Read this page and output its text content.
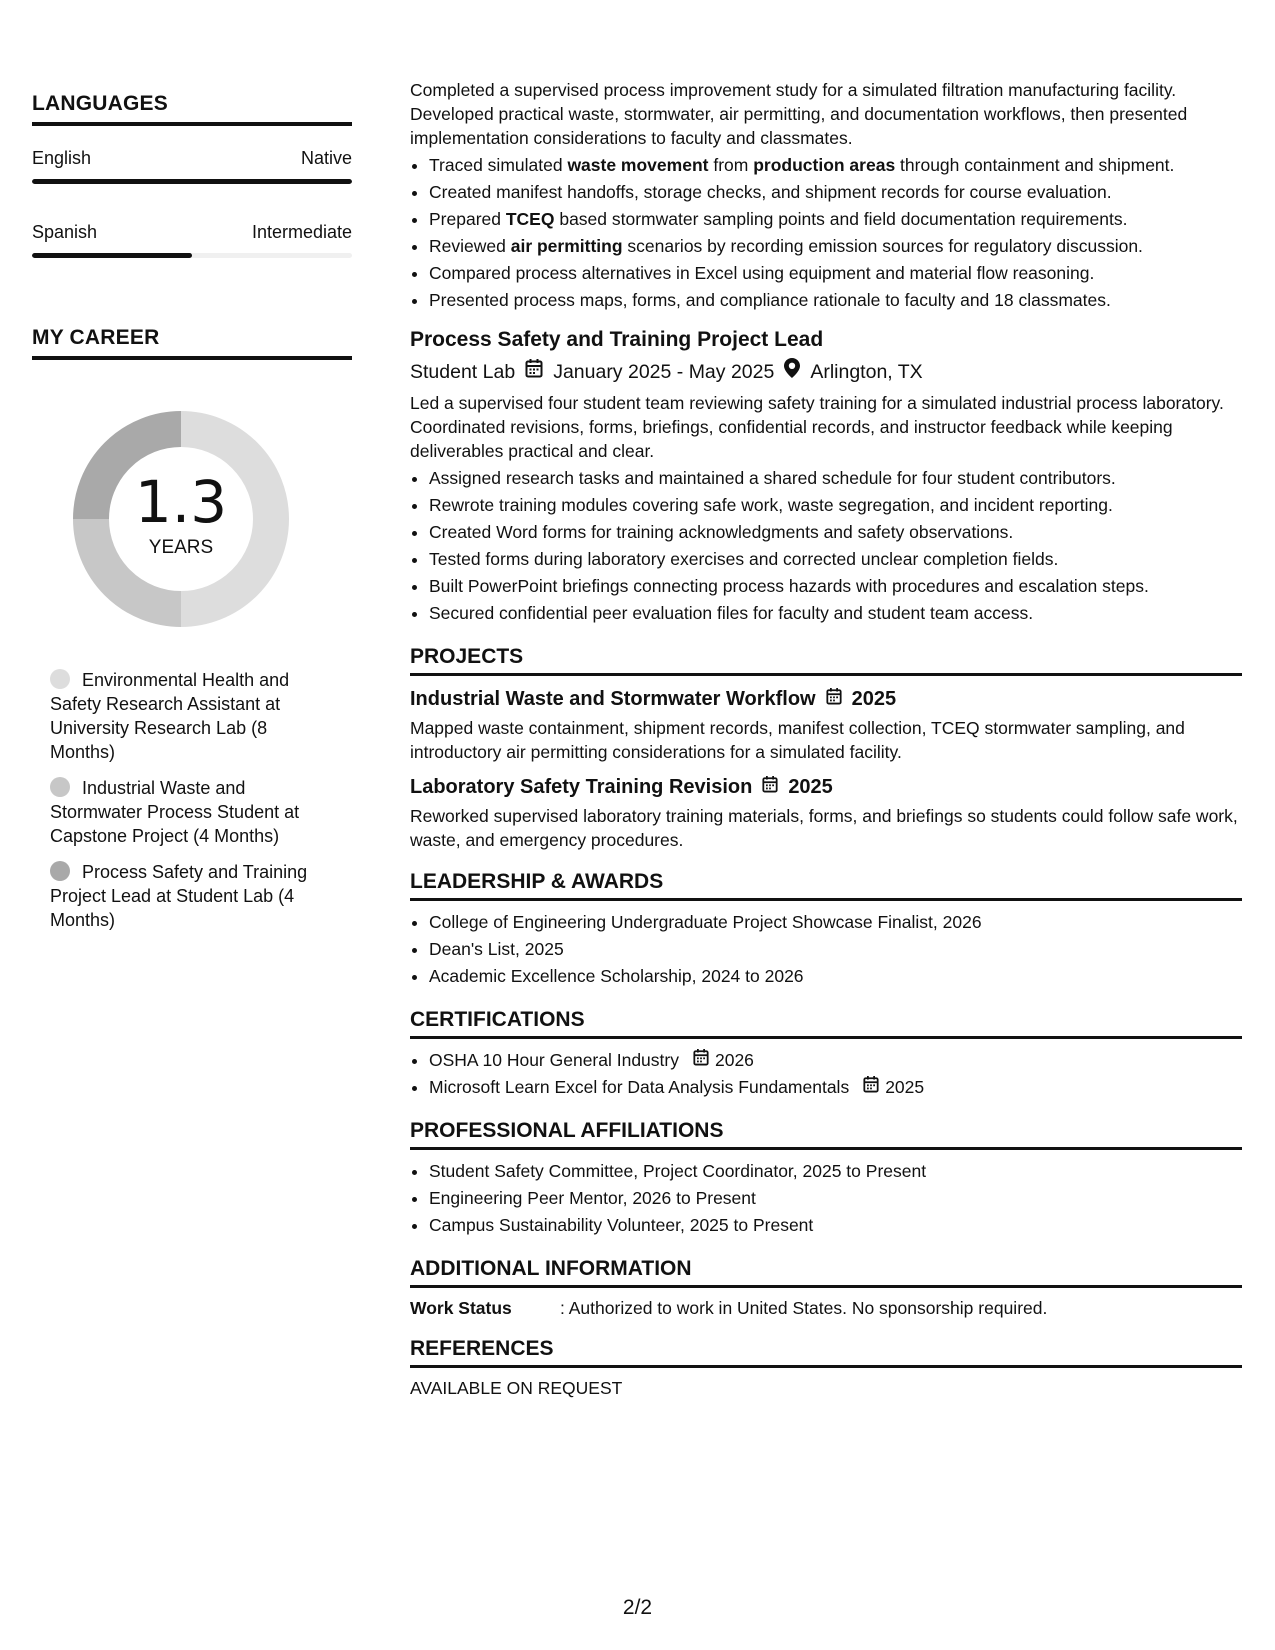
LANGUAGES
English	Native
Spanish	Intermediate
MY CAREER
1.3
YEARS
Environmental Health and Safety Research Assistant at University Research Lab (8 Months)
Industrial Waste and Stormwater Process Student at Capstone Project (4 Months)
Process Safety and Training Project Lead at Student Lab (4 Months)

Completed a supervised process improvement study for a simulated filtration manufacturing facility. Developed practical waste, stormwater, air permitting, and documentation workflows, then presented implementation considerations to faculty and classmates.

• Traced simulated waste movement from production areas through containment and shipment.
• Created manifest handoffs, storage checks, and shipment records for course evaluation.
• Prepared TCEQ based stormwater sampling points and field documentation requirements.
• Reviewed air permitting scenarios by recording emission sources for regulatory discussion.
• Compared process alternatives in Excel using equipment and material flow reasoning.
• Presented process maps, forms, and compliance rationale to faculty and 18 classmates.
Process Safety and Training Project Lead
Student Lab January 2025 - May 2025 Arlington, TX

Led a supervised four student team reviewing safety training for a simulated industrial process laboratory. Coordinated revisions, forms, briefings, confidential records, and instructor feedback while keeping deliverables practical and clear.

• Assigned research tasks and maintained a shared schedule for four student contributors.
• Rewrote training modules covering safe work, waste segregation, and incident reporting.
• Created Word forms for training acknowledgments and safety observations.
• Tested forms during laboratory exercises and corrected unclear completion fields.
• Built PowerPoint briefings connecting process hazards with procedures and escalation steps.
• Secured confidential peer evaluation files for faculty and student team access.
PROJECTS
Industrial Waste and Stormwater Workflow 2025
Mapped waste containment, shipment records, manifest collection, TCEQ stormwater sampling, and introductory air permitting considerations for a simulated facility.
Laboratory Safety Training Revision 2025
Reworked supervised laboratory training materials, forms, and briefings so students could follow safe work, waste, and emergency procedures.
LEADERSHIP & AWARDS
• College of Engineering Undergraduate Project Showcase Finalist, 2026
• Dean's List, 2025
• Academic Excellence Scholarship, 2024 to 2026
CERTIFICATIONS
• OSHA 10 Hour General Industry 2026
• Microsoft Learn Excel for Data Analysis Fundamentals 2025
PROFESSIONAL AFFILIATIONS
• Student Safety Committee, Project Coordinator, 2025 to Present
• Engineering Peer Mentor, 2026 to Present
• Campus Sustainability Volunteer, 2025 to Present
ADDITIONAL INFORMATION
Work Status	: Authorized to work in United States. No sponsorship required.
REFERENCES
AVAILABLE ON REQUEST
2/2
